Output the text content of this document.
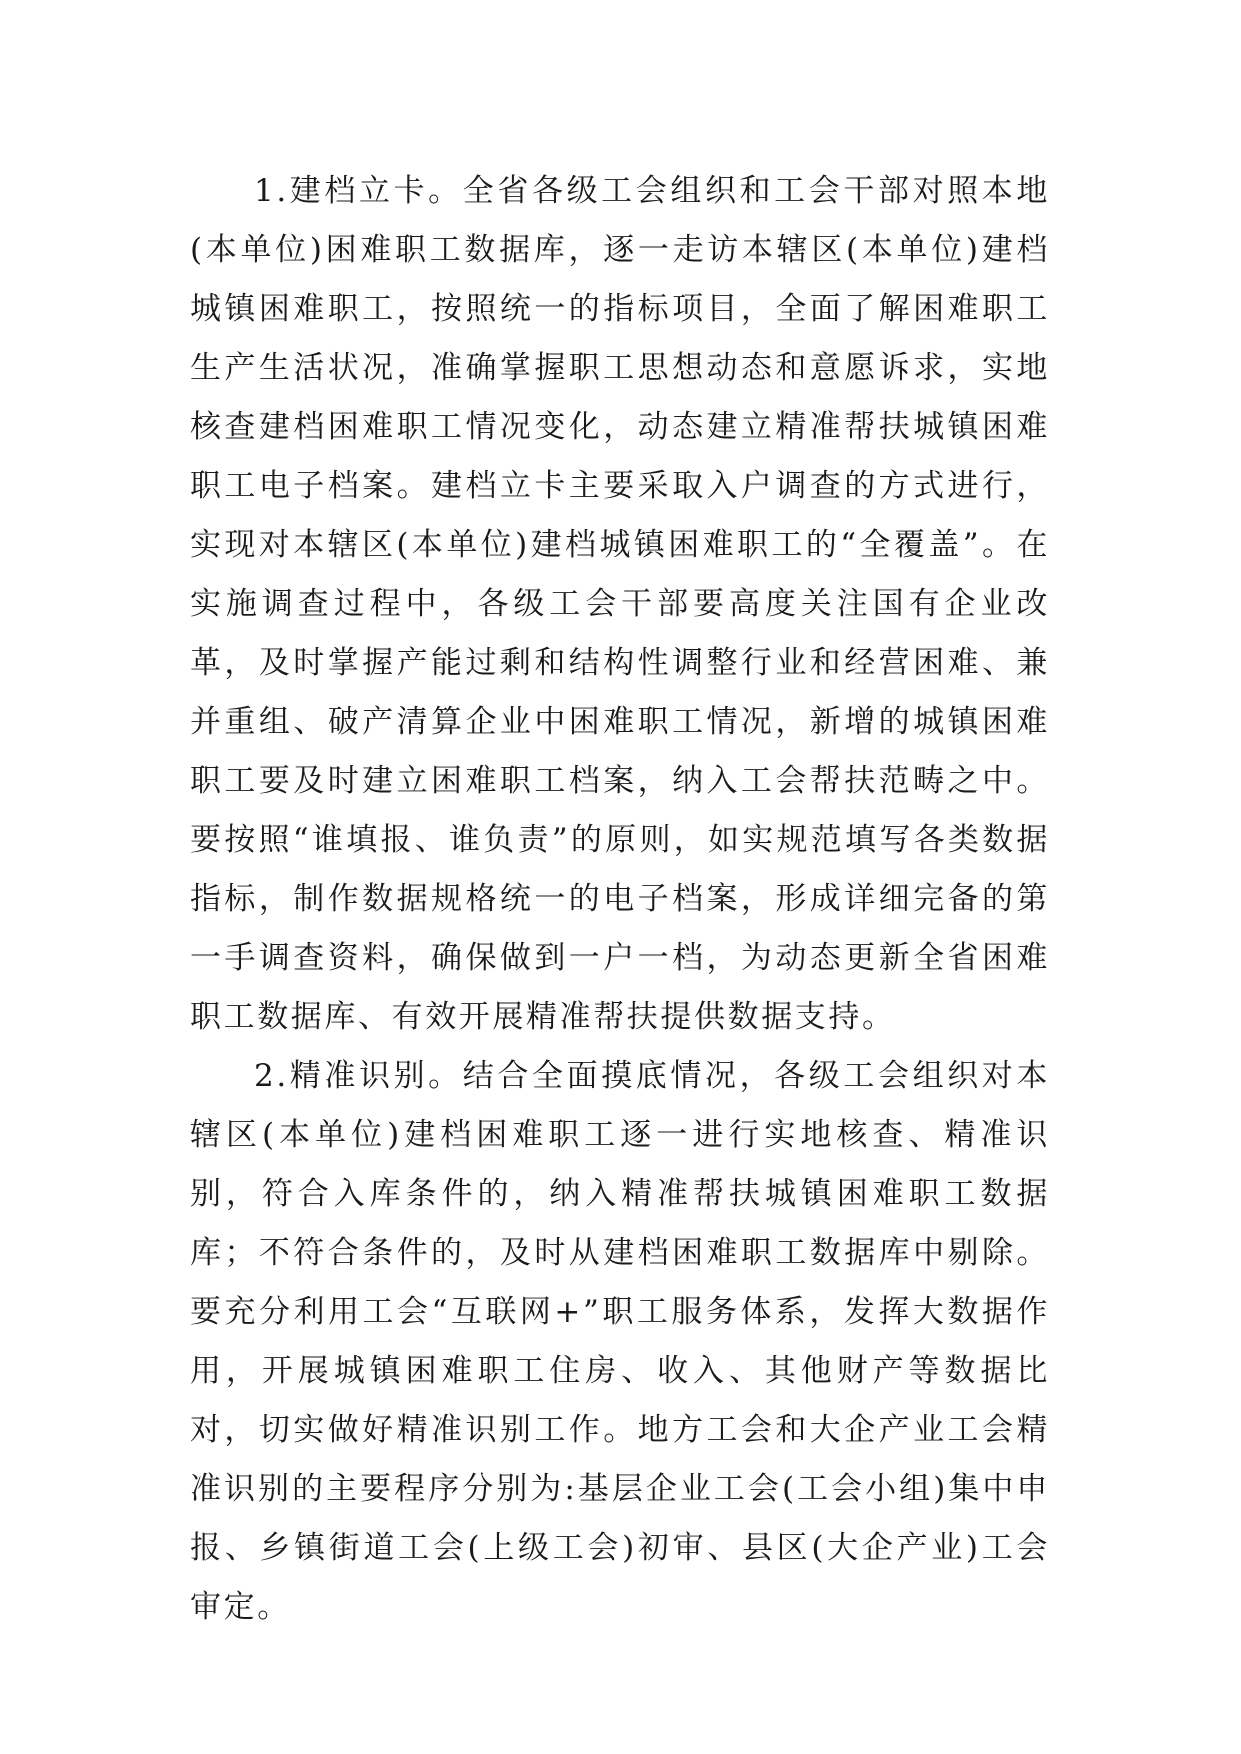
1.建档立卡。全省各级工会组织和工会干部对照本地(本单位)困难职工数据库，逐一走访本辖区(本单位)建档城镇困难职工，按照统一的指标项目，全面了解困难职工生产生活状况，准确掌握职工思想动态和意愿诉求，实地核查建档困难职工情况变化，动态建立精准帮扶城镇困难职工电子档案。建档立卡主要采取入户调查的方式进行，实现对本辖区(本单位)建档城镇困难职工的“全覆盖”。在实施调查过程中，各级工会干部要高度关注国有企业改革，及时掌握产能过剩和结构性调整行业和经营困难、兼并重组、破产清算企业中困难职工情况，新增的城镇困难职工要及时建立困难职工档案，纳入工会帮扶范畴之中。要按照“谁填报、谁负责”的原则，如实规范填写各类数据指标，制作数据规格统一的电子档案，形成详细完备的第一手调查资料，确保做到一户一档，为动态更新全省困难职工数据库、有效开展精准帮扶提供数据支持。

2.精准识别。结合全面摸底情况，各级工会组织对本辖区(本单位)建档困难职工逐一进行实地核查、精准识别，符合入库条件的，纳入精准帮扶城镇困难职工数据库；不符合条件的，及时从建档困难职工数据库中剔除。要充分利用工会“互联网+”职工服务体系，发挥大数据作用，开展城镇困难职工住房、收入、其他财产等数据比对，切实做好精准识别工作。地方工会和大企产业工会精准识别的主要程序分别为:基层企业工会(工会小组)集中申报、乡镇街道工会(上级工会)初审、县区(大企产业)工会审定。
